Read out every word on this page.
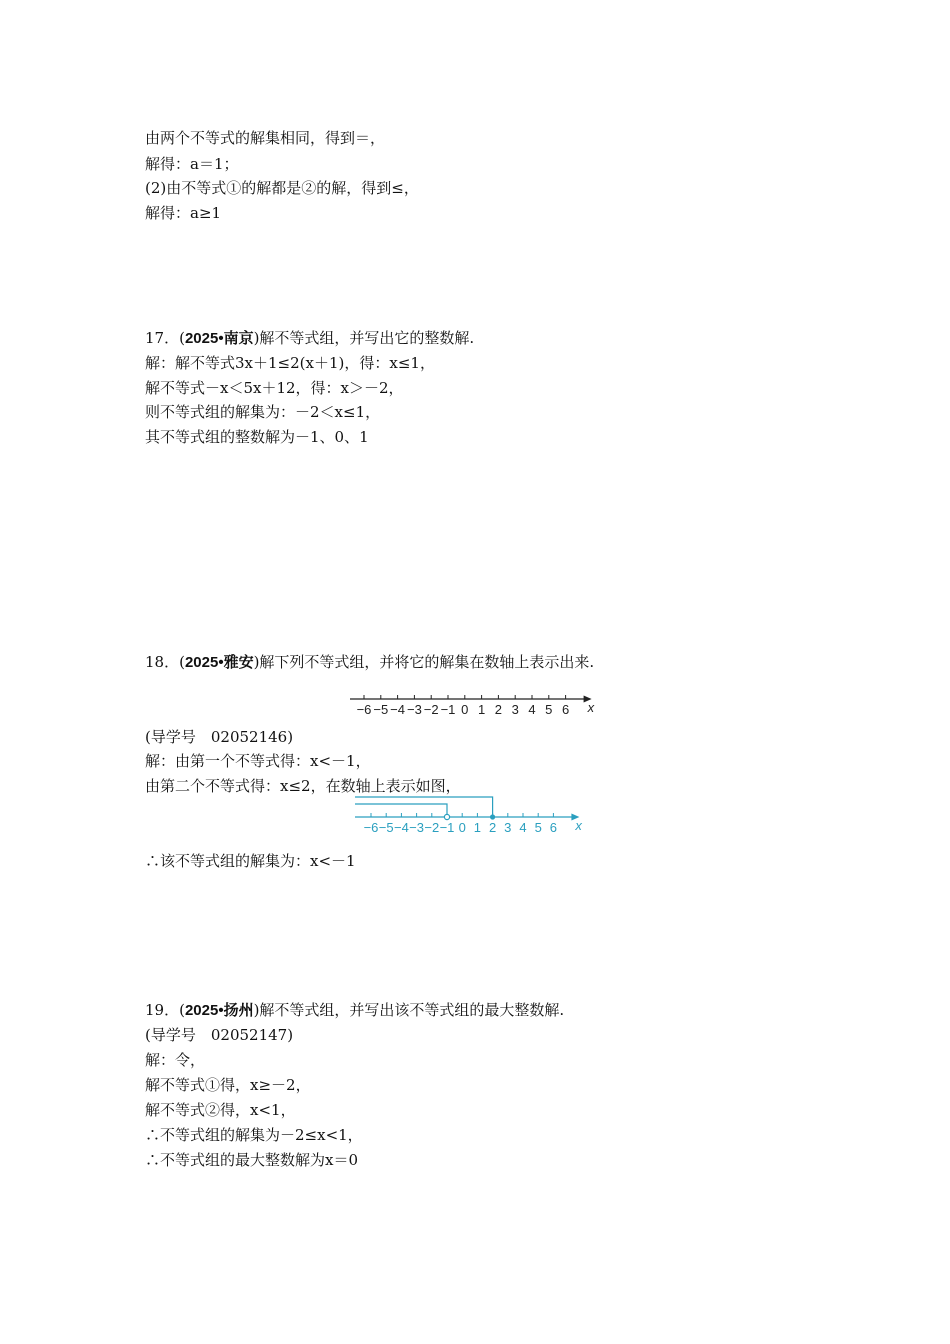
由两个不等式的解集相同，得到＝，
解得：a＝1；
(2)由不等式①的解都是②的解，得到≤，
解得：a≥1
17．(2025•南京)解不等式组，并写出它的整数解.
解：解不等式3x＋1≤2(x＋1)，得：x≤1，
解不等式－x＜5x＋12，得：x＞－2，
则不等式组的解集为：－2＜x≤1，
其不等式组的整数解为－1、0、1
18．(2025•雅安)解下列不等式组，并将它的解集在数轴上表示出来.
−6 −5 −4 −3 −2 −1 0 1 2 3 4 5 6 x
(导学号　02052146)
解：由第一个不等式得：x<－1，
由第二个不等式得：x≤2，在数轴上表示如图，
−6 −5 −4 −3 −2 −1 0 1 2 3 4 5 6 x
∴该不等式组的解集为：x<－1
19．(2025•扬州)解不等式组，并写出该不等式组的最大整数解.
(导学号　02052147)
解：令，
解不等式①得，x≥－2，
解不等式②得，x<1，
∴不等式组的解集为－2≤x<1，
∴不等式组的最大整数解为x＝0
